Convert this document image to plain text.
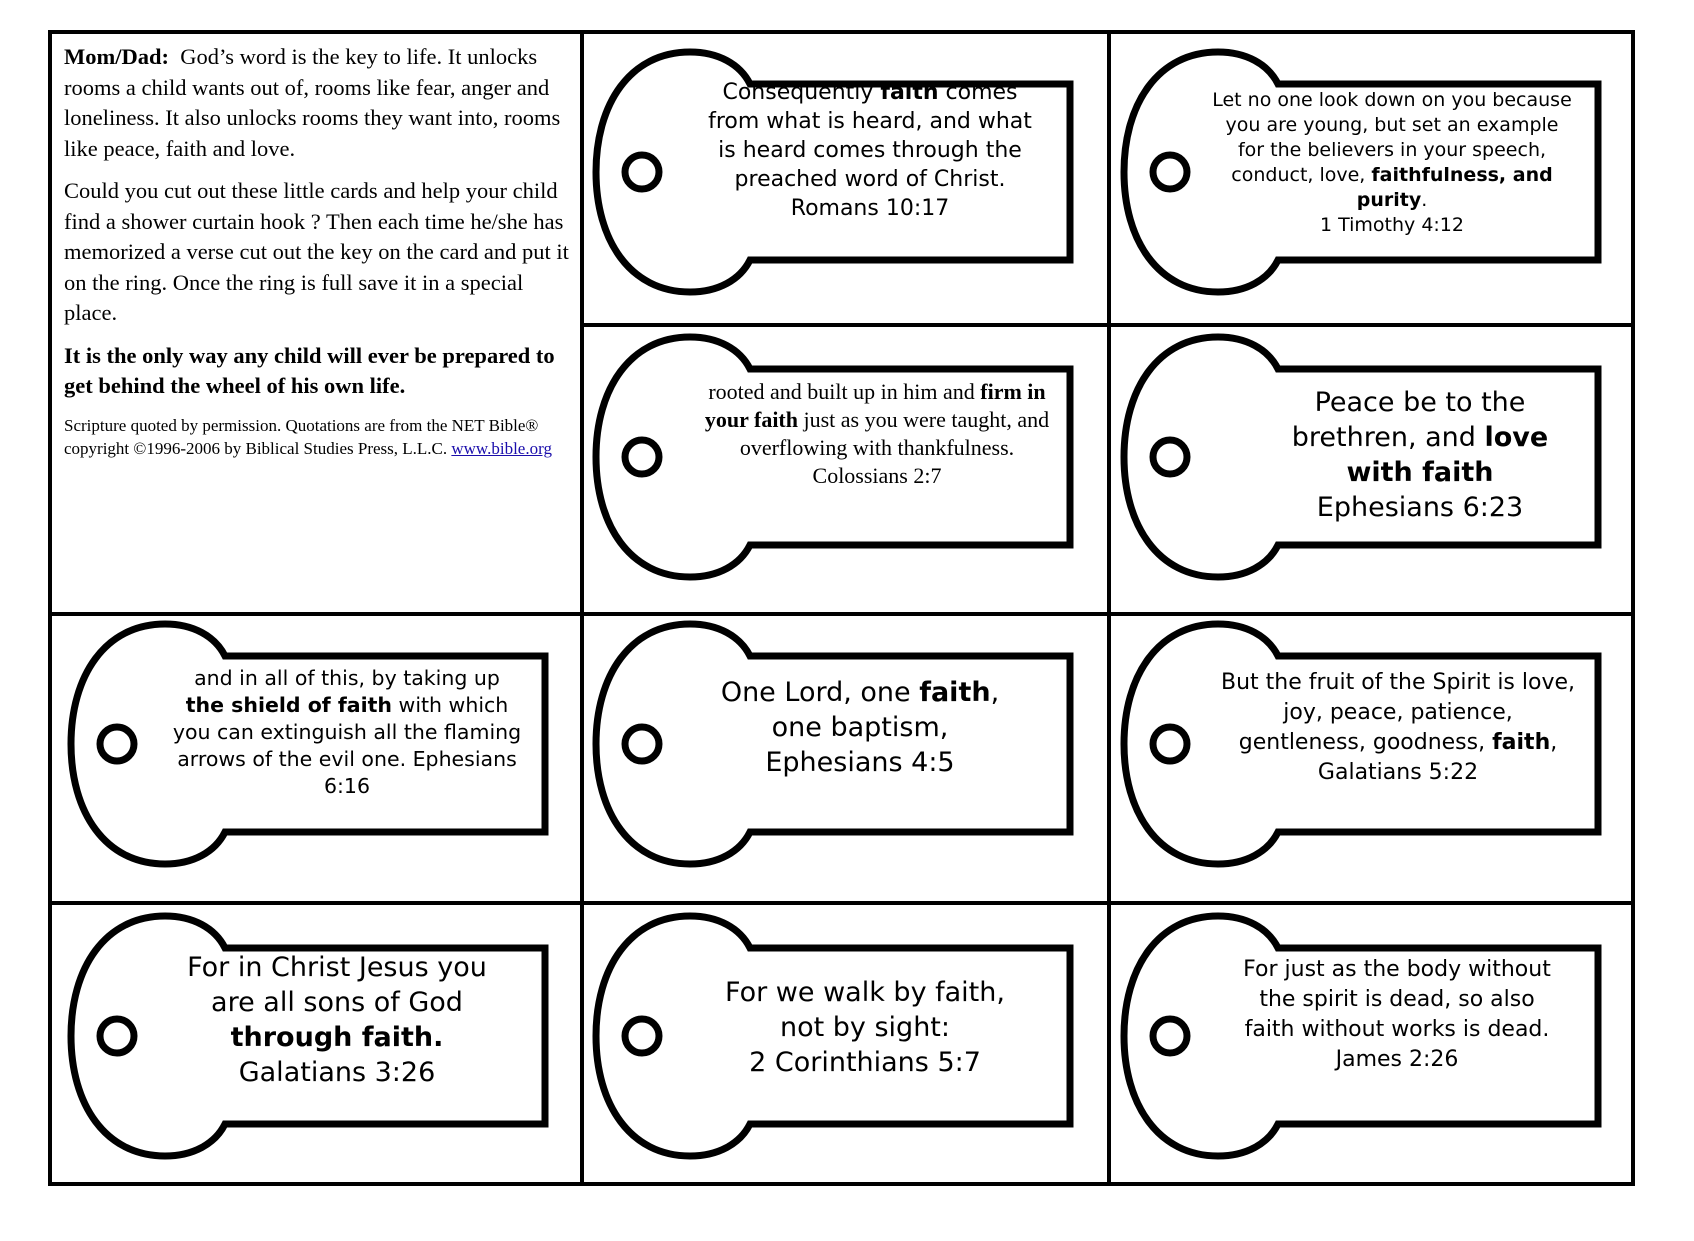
Mom/Dad: God’s word is the key to life. It unlocks rooms a child wants out of, rooms like fear, anger and loneliness. It also unlocks rooms they want into, rooms like peace, faith and love.

Could you cut out these little cards and help your child find a shower curtain hook ? Then each time he/she has memorized a verse cut out the key on the card and put it on the ring. Once the ring is full save it in a special place.

It is the only way any child will ever be prepared to get behind the wheel of his own life.

Scripture quoted by permission. Quotations are from the NET Bible® copyright ©1996-2006 by Biblical Studies Press, L.L.C. www.bible.org

Consequently faith comes from what is heard, and what is heard comes through the preached word of Christ. Romans 10:17
Let no one look down on you because you are young, but set an example for the believers in your speech, conduct, love, faithfulness, and purity.
1 Timothy 4:12
rooted and built up in him and firm in your faith just as you were taught, and overflowing with thankfulness.
Colossians 2:7
Peace be to the brethren, and love with faith
Ephesians 6:23
and in all of this, by taking up the shield of faith with which you can extinguish all the flaming arrows of the evil one. Ephesians 6:16
One Lord, one faith, one baptism,
Ephesians 4:5
But the fruit of the Spirit is love, joy, peace, patience, gentleness, goodness, faith,
Galatians 5:22
For in Christ Jesus you are all sons of God through faith.
Galatians 3:26
For we walk by faith, not by sight:
2 Corinthians 5:7
For just as the body without the spirit is dead, so also faith without works is dead.
James 2:26
